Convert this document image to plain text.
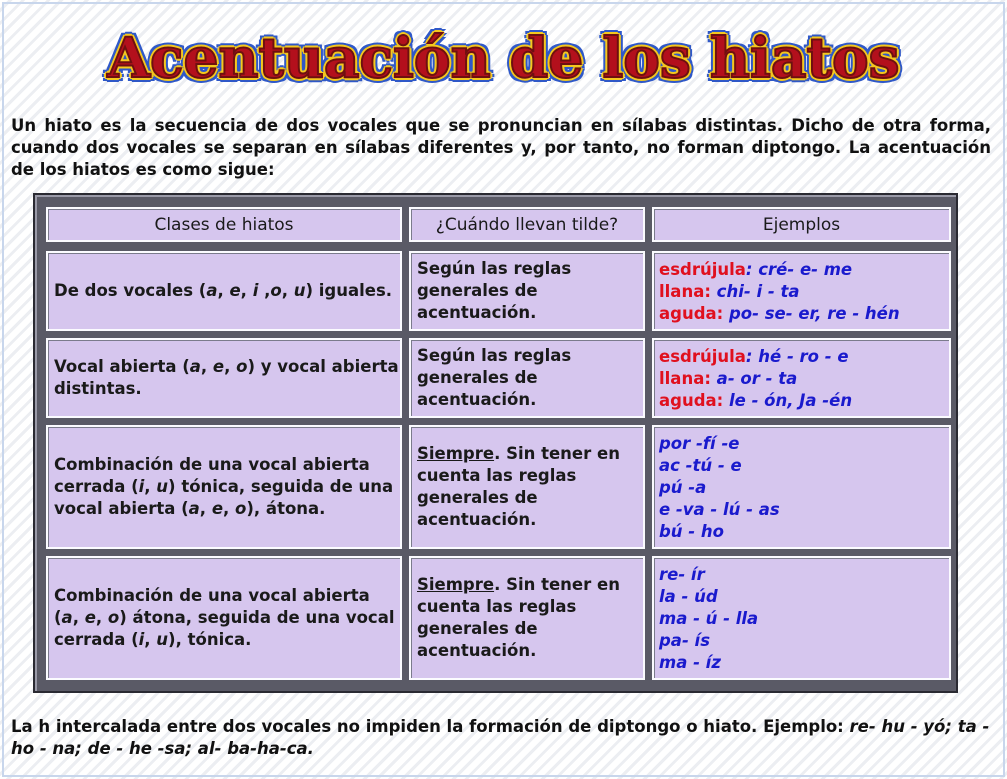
Acentuación de los hiatos
Un hiato es la secuencia de dos vocales que se pronuncian en sílabas distintas. Dicho de otra forma, cuando dos vocales se separan en sílabas diferentes y, por tanto, no forman diptongo. La acentuación de los hiatos es como sigue:
Clases de hiatos	¿Cuándo llevan tilde?	Ejemplos
De dos vocales (a, e, i ,o, u) iguales.
Según las reglas generales de acentuación.
esdrújula: cré- e- me
llana: chi- i - ta
aguda: po- se- er, re - hén
Vocal abierta (a, e, o) y vocal abierta distintas.
Según las reglas generales de acentuación.
esdrújula: hé - ro - e
llana: a- or - ta
aguda: le - ón, Ja -én
Combinación de una vocal abierta cerrada (i, u) tónica, seguida de una vocal abierta (a, e, o), átona.
Siempre. Sin tener en cuenta las reglas generales de acentuación.
por -fí -e
ac -tú - e
pú -a
e -va - lú - as
bú - ho
Combinación de una vocal abierta (a, e, o) átona, seguida de una vocal cerrada (i, u), tónica.
Siempre. Sin tener en cuenta las reglas generales de acentuación.
re- ír
la - úd
ma - ú - lla
pa- ís
ma - íz
La h intercalada entre dos vocales no impiden la formación de diptongo o hiato. Ejemplo: re- hu - yó; ta - ho - na; de - he -sa; al- ba-ha-ca.
